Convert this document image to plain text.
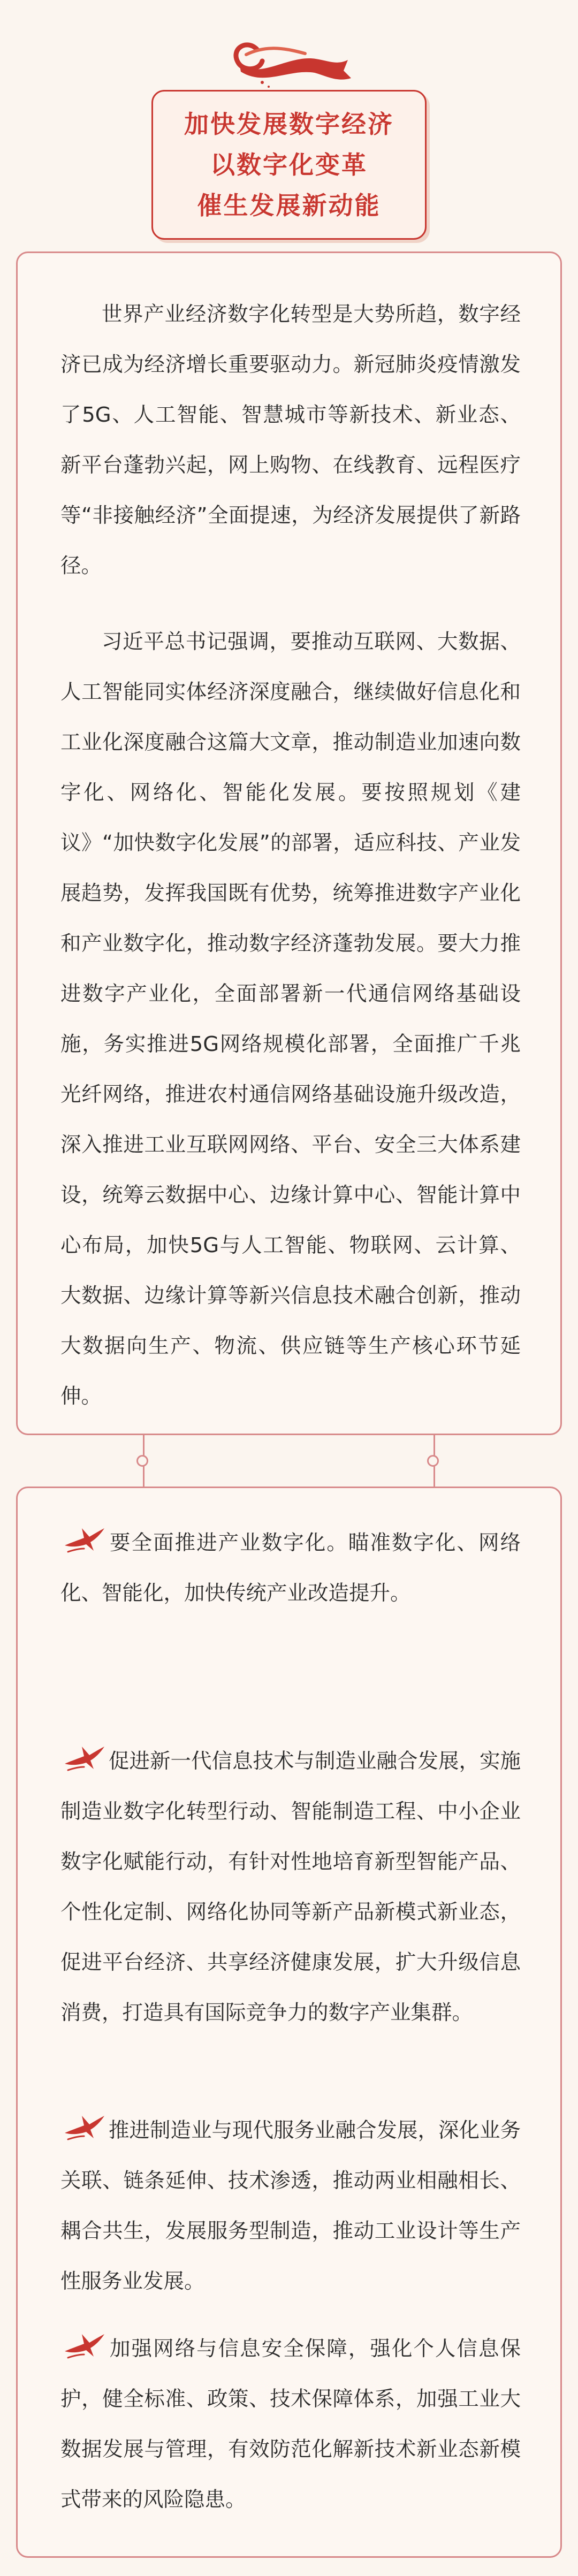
加快发展数字经济
以数字化变革
催生发展新动能

世界产业经济数字化转型是大势所趋，数字经济已成为经济增长重要驱动力。新冠肺炎疫情激发了5G、人工智能、智慧城市等新技术、新业态、新平台蓬勃兴起，网上购物、在线教育、远程医疗等“非接触经济”全面提速，为经济发展提供了新路径。

习近平总书记强调，要推动互联网、大数据、人工智能同实体经济深度融合，继续做好信息化和工业化深度融合这篇大文章，推动制造业加速向数字化、网络化、智能化发展。要按照规划《建议》“加快数字化发展”的部署，适应科技、产业发展趋势，发挥我国既有优势，统筹推进数字产业化和产业数字化，推动数字经济蓬勃发展。要大力推进数字产业化，全面部署新一代通信网络基础设施，务实推进5G网络规模化部署，全面推广千兆光纤网络，推进农村通信网络基础设施升级改造，深入推进工业互联网网络、平台、安全三大体系建设，统筹云数据中心、边缘计算中心、智能计算中心布局，加快5G与人工智能、物联网、云计算、大数据、边缘计算等新兴信息技术融合创新，推动大数据向生产、物流、供应链等生产核心环节延伸。

要全面推进产业数字化。瞄准数字化、网络化、智能化，加快传统产业改造提升。

促进新一代信息技术与制造业融合发展，实施制造业数字化转型行动、智能制造工程、中小企业数字化赋能行动，有针对性地培育新型智能产品、个性化定制、网络化协同等新产品新模式新业态，促进平台经济、共享经济健康发展，扩大升级信息消费，打造具有国际竞争力的数字产业集群。

推进制造业与现代服务业融合发展，深化业务关联、链条延伸、技术渗透，推动两业相融相长、耦合共生，发展服务型制造，推动工业设计等生产性服务业发展。

加强网络与信息安全保障，强化个人信息保护，健全标准、政策、技术保障体系，加强工业大数据发展与管理，有效防范化解新技术新业态新模式带来的风险隐患。
